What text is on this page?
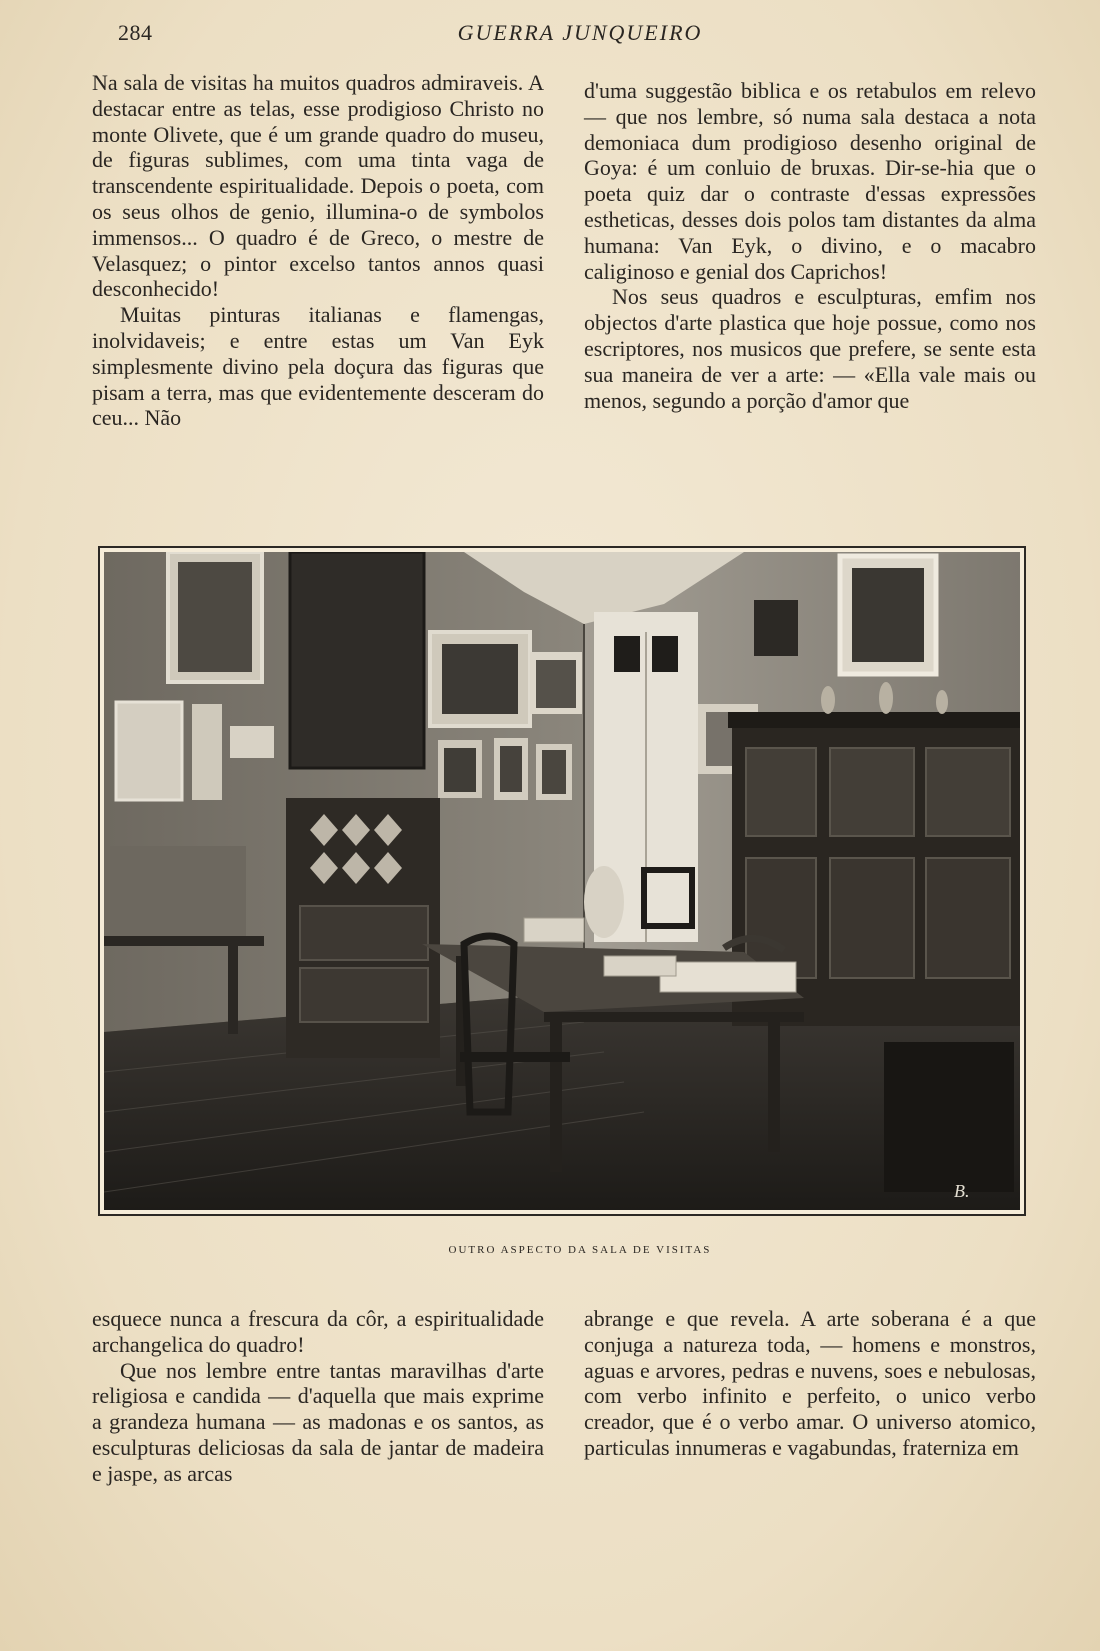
284	GUERRA JUNQUEIRO

Na sala de visitas ha muitos quadros admiraveis. A destacar entre as telas, esse prodigioso Christo no monte Olivete, que é um grande quadro do museu, de figuras sublimes, com uma tinta vaga de transcendente espiritualidade. Depois o poeta, com os seus olhos de genio, illumina-o de symbolos immensos... O quadro é de Greco, o mestre de Velasquez; o pintor excelso tantos annos quasi desconhecido!

Muitas pinturas italianas e flamengas, inolvidaveis; e entre estas um Van Eyk simplesmente divino pela doçura das figuras que pisam a terra, mas que evidentemente desceram do ceu... Não

d'uma suggestão biblica e os retabulos em relevo — que nos lembre, só numa sala destaca a nota demoniaca dum prodigioso desenho original de Goya: é um conluio de bruxas. Dir-se-hia que o poeta quiz dar o contraste d'essas expressões estheticas, desses dois polos tam distantes da alma humana: Van Eyk, o divino, e o macabro caliginoso e genial dos Caprichos!

Nos seus quadros e esculpturas, emfim nos objectos d'arte plastica que hoje possue, como nos escriptores, nos musicos que prefere, se sente esta sua maneira de ver a arte: — «Ella vale mais ou menos, segundo a porção d'amor que

B.
OUTRO ASPECTO DA SALA DE VISITAS

esquece nunca a frescura da côr, a espiritualidade archangelica do quadro!

Que nos lembre entre tantas maravilhas d'arte religiosa e candida — d'aquella que mais exprime a grandeza humana — as madonas e os santos, as esculpturas deliciosas da sala de jantar de madeira e jaspe, as arcas

abrange e que revela. A arte soberana é a que conjuga a natureza toda, — homens e monstros, aguas e arvores, pedras e nuvens, soes e nebulosas, com verbo infinito e perfeito, o unico verbo creador, que é o verbo amar. O universo atomico, particulas innumeras e vagabundas, fraterniza em
